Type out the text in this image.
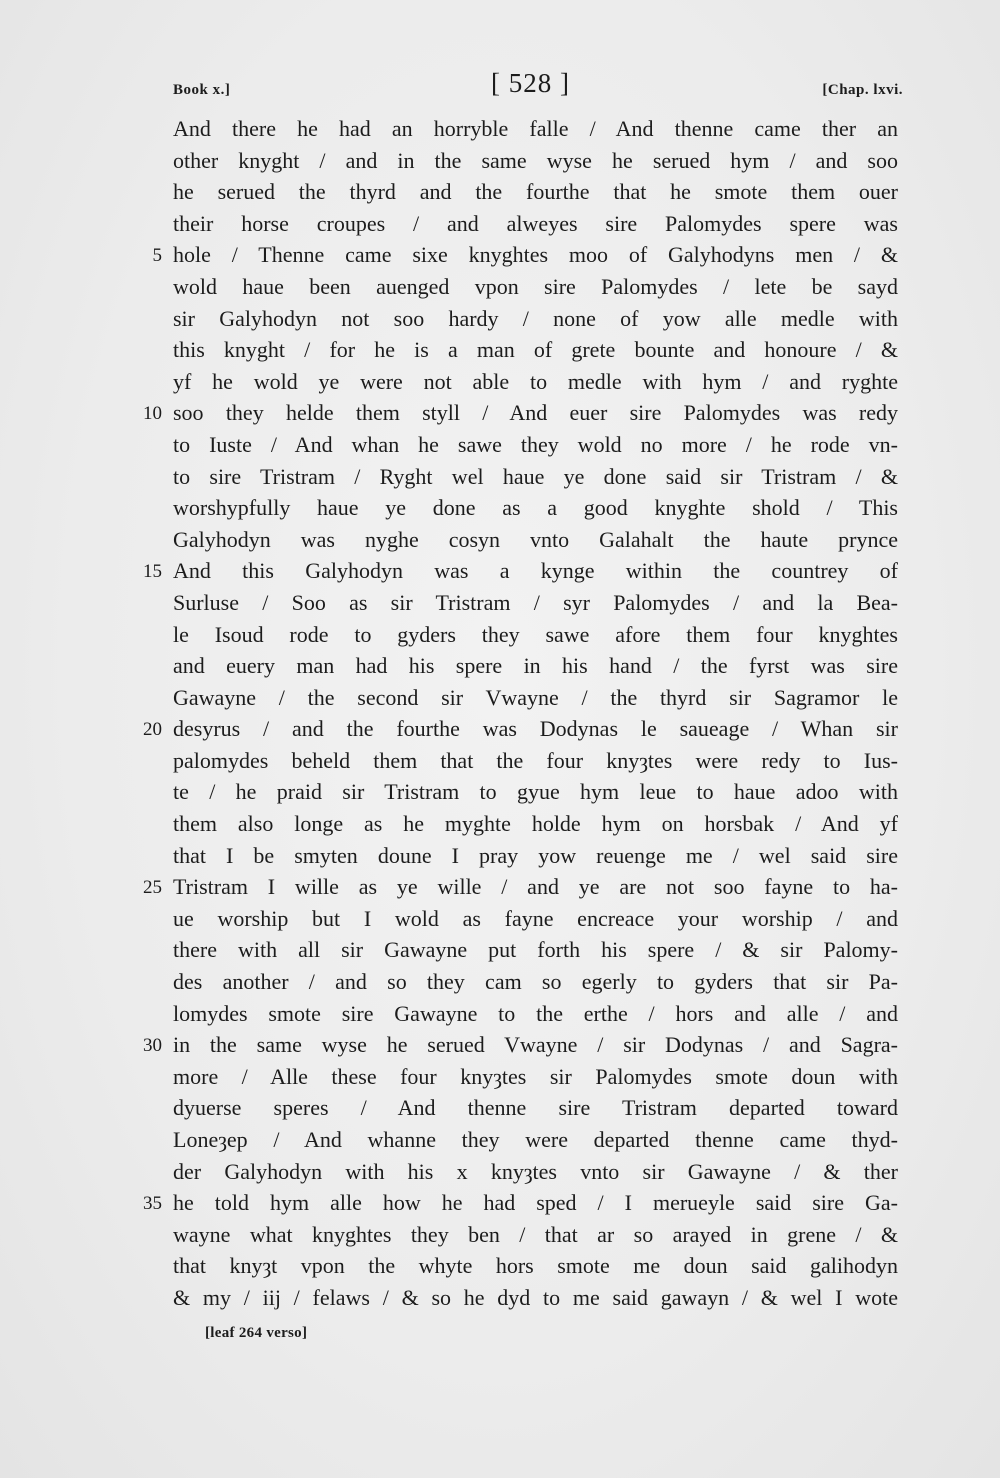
Book x.]	[ 528 ]	[Chap. lxvi.
And there he had an horryble falle / And thenne came ther an
other knyght / and in the same wyse he serued hym / and soo
he serued the thyrd and the fourthe that he smote them ouer
their horse croupes / and alweyes sire Palomydes spere was
5 hole / Thenne came sixe knyghtes moo of Galyhodyns men / &
wold haue been auenged vpon sire Palomydes / lete be sayd
sir Galyhodyn not soo hardy / none of yow alle medle with
this knyght / for he is a man of grete bounte and honoure / &
yf he wold ye were not able to medle with hym / and ryghte
10 soo they helde them styll / And euer sire Palomydes was redy
to Iuste / And whan he sawe they wold no more / he rode vn-
to sire Tristram / Ryght wel haue ye done said sir Tristram / &
worshypfully haue ye done as a good knyghte shold / This
Galyhodyn was nyghe cosyn vnto Galahalt the haute prynce
15 And this Galyhodyn was a kynge within the countrey of
Surluse / Soo as sir Tristram / syr Palomydes / and la Bea-
le Isoud rode to gyders they sawe afore them four knyghtes
and euery man had his spere in his hand / the fyrst was sire
Gawayne / the second sir Vwayne / the thyrd sir Sagramor le
20 desyrus / and the fourthe was Dodynas le saueage / Whan sir
palomydes beheld them that the four knyȝtes were redy to Ius-
te / he praid sir Tristram to gyue hym leue to haue adoo with
them also longe as he myghte holde hym on horsbak / And yf
that I be smyten doune I pray yow reuenge me / wel said sire
25 Tristram I wille as ye wille / and ye are not soo fayne to ha-
ue worship but I wold as fayne encreace your worship / and
there with all sir Gawayne put forth his spere / & sir Palomy-
des another / and so they cam so egerly to gyders that sir Pa-
lomydes smote sire Gawayne to the erthe / hors and alle / and
30 in the same wyse he serued Vwayne / sir Dodynas / and Sagra-
more / Alle these four knyȝtes sir Palomydes smote doun with
dyuerse speres / And thenne sire Tristram departed toward
Loneȝep / And whanne they were departed thenne came thyd-
der Galyhodyn with his x knyȝtes vnto sir Gawayne / & ther
35 he told hym alle how he had sped / I merueyle said sire Ga-
wayne what knyghtes they ben / that ar so arayed in grene / &
that knyȝt vpon the whyte hors smote me doun said galihodyn
& my / iij / felaws / & so he dyd to me said gawayn / & wel I wote
[leaf 264 verso]
